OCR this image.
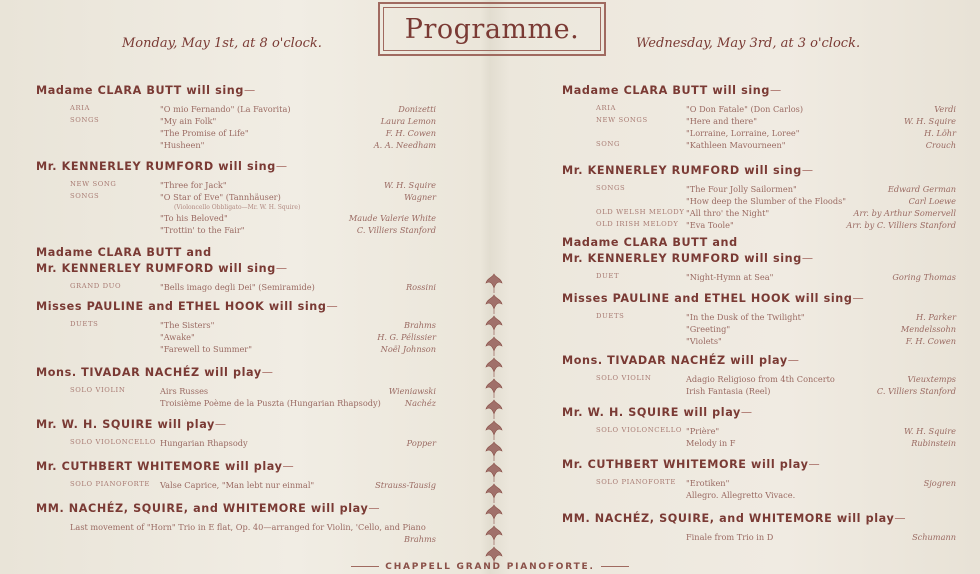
Programme.
Monday, May 1st, at 8 o'clock.	Wednesday, May 3rd, at 3 o'clock.
Madame CLARA BUTT will sing—
ARIA	"O mio Fernando" (La Favorita)	Donizetti
SONGS	"My ain Folk"	Laura Lemon
"The Promise of Life"	F. H. Cowen
"Husheen"	A. A. Needham
Mr. KENNERLEY RUMFORD will sing—
NEW SONG	"Three for Jack"	W. H. Squire
SONGS	"O Star of Eve" (Tannhäuser)	Wagner
(Violoncello Obbligato—Mr. W. H. Squire)
"To his Beloved"	Maude Valerie White
"Trottin' to the Fair"	C. Villiers Stanford
Madame CLARA BUTT and
Mr. KENNERLEY RUMFORD will sing—
GRAND DUO	"Bells imago degli Dei" (Semiramide)	Rossini
Misses PAULINE and ETHEL HOOK will sing—
DUETS	"The Sisters"	Brahms
"Awake"	H. G. Pélissier
"Farewell to Summer"	Noël Johnson
Mons. TIVADAR NACHÉZ will play—
SOLO VIOLIN	Airs Russes	Wieniawski
Troisième Poème de la Puszta (Hungarian Rhapsody)	Nachéz
Mr. W. H. SQUIRE will play—
SOLO VIOLONCELLO Hungarian Rhapsody	Popper
Mr. CUTHBERT WHITEMORE will play—
SOLO PIANOFORTE Valse Caprice, "Man lebt nur einmal"	Strauss-Tausig
MM. NACHÉZ, SQUIRE, and WHITEMORE will play—
Last movement of "Horn" Trio in E flat, Op. 40—arranged for Violin, 'Cello, and Piano
Brahms
Madame CLARA BUTT will sing—
ARIA	"O Don Fatale" (Don Carlos)	Verdi
NEW SONGS	"Here and there"	W. H. Squire
"Lorraine, Lorraine, Loree"	H. Löhr
SONG	"Kathleen Mavourneen"	Crouch
Mr. KENNERLEY RUMFORD will sing—
SONGS	"The Four Jolly Sailormen"	Edward German
"How deep the Slumber of the Floods"	Carl Loewe
OLD WELSH MELODY "All thro' the Night"	Arr. by Arthur Somervell
OLD IRISH MELODY "Eva Toole"	Arr. by C. Villiers Stanford
Madame CLARA BUTT and
Mr. KENNERLEY RUMFORD will sing—
DUET	"Night-Hymn at Sea"	Goring Thomas
Misses PAULINE and ETHEL HOOK will sing—
DUETS	"In the Dusk of the Twilight"	H. Parker
"Greeting"	Mendelssohn
"Violets"	F. H. Cowen
Mons. TIVADAR NACHÉZ will play—
SOLO VIOLIN	Adagio Religioso from 4th Concerto	Vieuxtemps
Irish Fantasia (Reel)	C. Villiers Stanford
Mr. W. H. SQUIRE will play—
SOLO VIOLONCELLO "Prière"	W. H. Squire
Melody in F	Rubinstein
Mr. CUTHBERT WHITEMORE will play—
SOLO PIANOFORTE "Erotiken"	Sjogren
Allegro. Allegretto Vivace.
MM. NACHÉZ, SQUIRE, and WHITEMORE will play—
Finale from Trio in D	Schumann
CHAPPELL GRAND PIANOFORTE.
